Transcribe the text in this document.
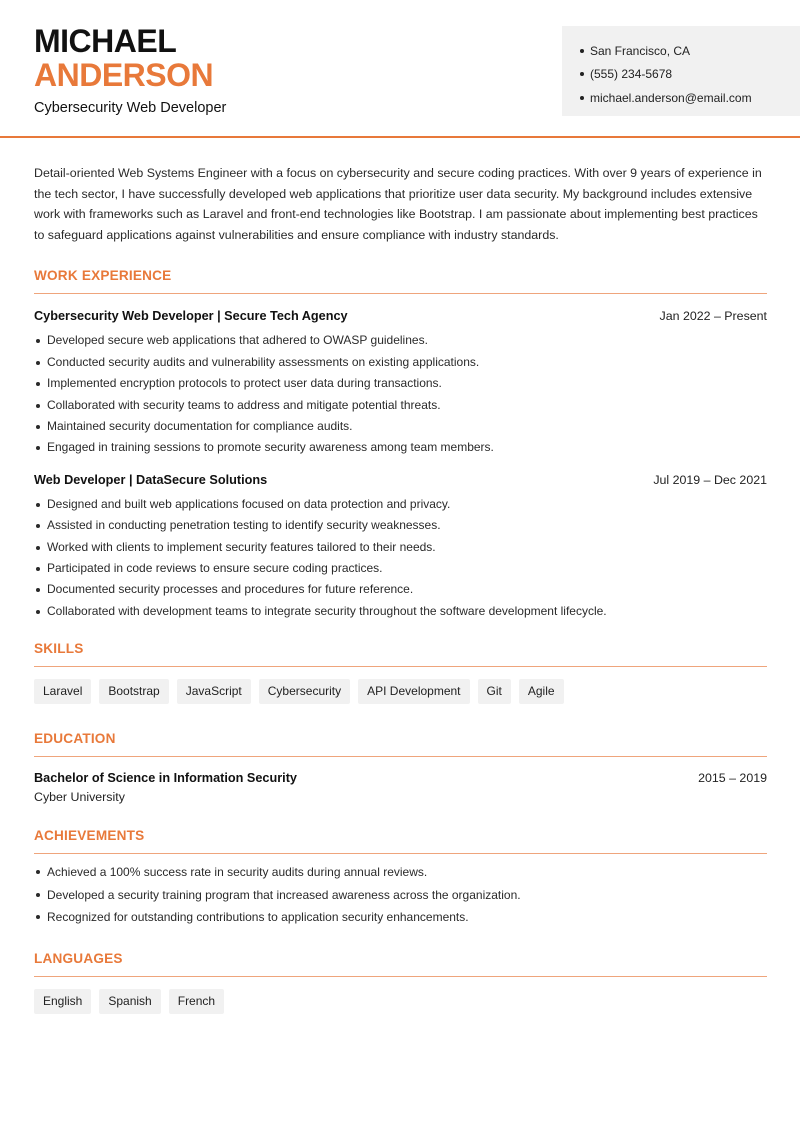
MICHAEL
ANDERSON
Cybersecurity Web Developer
San Francisco, CA
(555) 234-5678
michael.anderson@email.com

Detail-oriented Web Systems Engineer with a focus on cybersecurity and secure coding practices. With over 9 years of experience in the tech sector, I have successfully developed web applications that prioritize user data security. My background includes extensive work with frameworks such as Laravel and front-end technologies like Bootstrap. I am passionate about implementing best practices to safeguard applications against vulnerabilities and ensure compliance with industry standards.

WORK EXPERIENCE
Cybersecurity Web Developer | Secure Tech Agency	Jan 2022 – Present
Developed secure web applications that adhered to OWASP guidelines.
Conducted security audits and vulnerability assessments on existing applications.
Implemented encryption protocols to protect user data during transactions.
Collaborated with security teams to address and mitigate potential threats.
Maintained security documentation for compliance audits.
Engaged in training sessions to promote security awareness among team members.
Web Developer | DataSecure Solutions	Jul 2019 – Dec 2021
Designed and built web applications focused on data protection and privacy.
Assisted in conducting penetration testing to identify security weaknesses.
Worked with clients to implement security features tailored to their needs.
Participated in code reviews to ensure secure coding practices.
Documented security processes and procedures for future reference.
Collaborated with development teams to integrate security throughout the software development lifecycle.
SKILLS
Laravel	Bootstrap	JavaScript	Cybersecurity	API Development	Git	Agile
EDUCATION
Bachelor of Science in Information Security	2015 – 2019
Cyber University
ACHIEVEMENTS
Achieved a 100% success rate in security audits during annual reviews.
Developed a security training program that increased awareness across the organization.
Recognized for outstanding contributions to application security enhancements.
LANGUAGES
English	Spanish	French
